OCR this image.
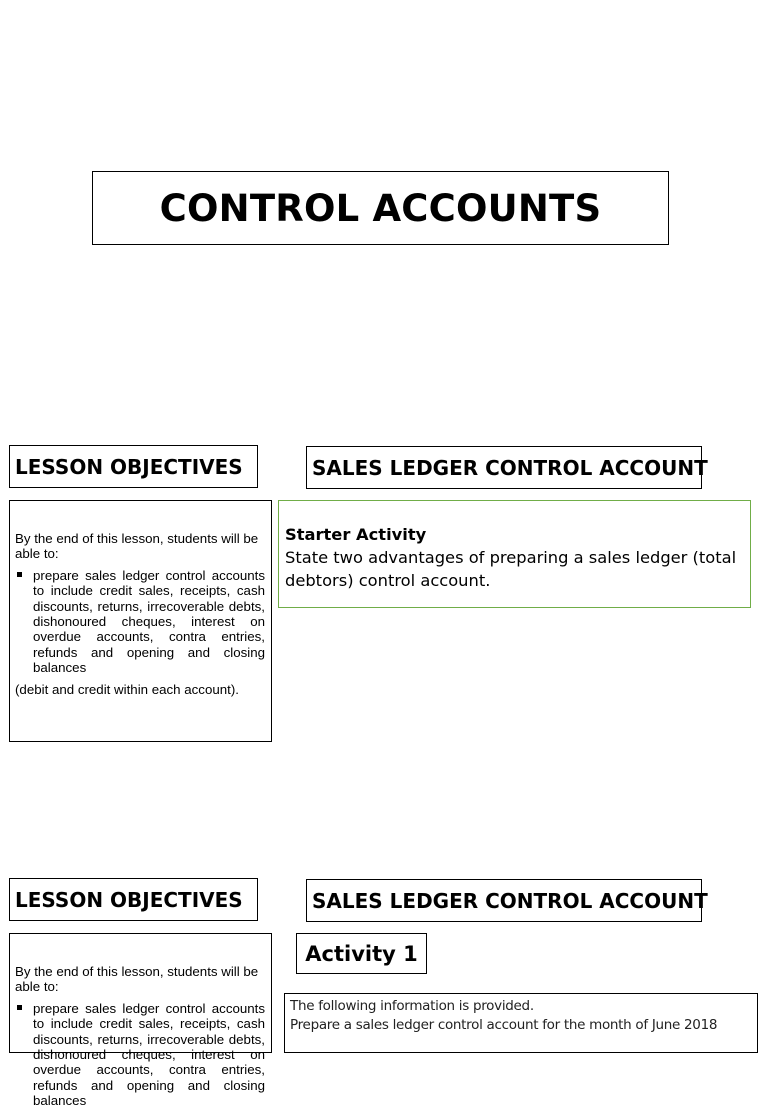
CONTROL ACCOUNTS
LESSON OBJECTIVES	SALES LEDGER CONTROL ACCOUNT

By the end of this lesson, students will be able to:

prepare sales ledger control accounts to include credit sales, receipts, cash discounts, returns, irrecoverable debts, dishonoured cheques, interest on overdue accounts, contra entries, refunds and opening and closing balances

(debit and credit within each account).

Starter Activity
State two advantages of preparing a sales ledger (total debtors) control account.
LESSON OBJECTIVES	SALES LEDGER CONTROL ACCOUNT

By the end of this lesson, students will be able to:

prepare sales ledger control accounts to include credit sales, receipts, cash discounts, returns, irrecoverable debts, dishonoured cheques, interest on overdue accounts, contra entries, refunds and opening and closing balances
Activity 1
The following information is provided.
Prepare a sales ledger control account for the month of June 2018
